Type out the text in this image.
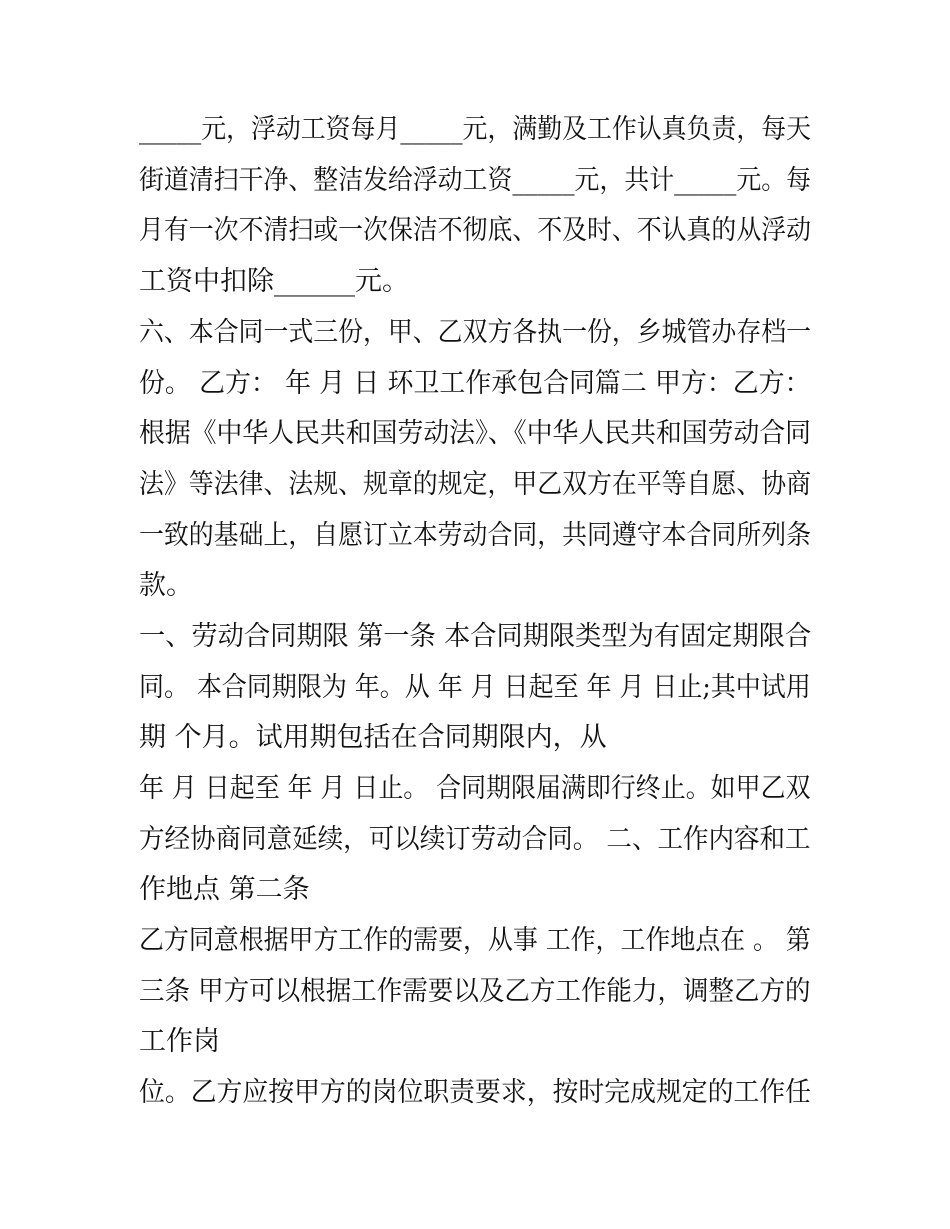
_____元，浮动工资每月_____元，满勤及工作认真负责，每天
街道清扫干净、整洁发给浮动工资_____元，共计_____元。每
月有一次不清扫或一次保洁不彻底、不及时、不认真的从浮动
工资中扣除______元。
六、本合同一式三份，甲、乙双方各执一份，乡城管办存档一
份。 乙方： 年 月 日 环卫工作承包合同篇二 甲方：乙方：
根据《中华人民共和国劳动法》、《中华人民共和国劳动合同
法》等法律、法规、规章的规定，甲乙双方在平等自愿、协商
一致的基础上，自愿订立本劳动合同，共同遵守本合同所列条
款。
一、劳动合同期限 第一条 本合同期限类型为有固定期限合
同。 本合同期限为 年。从 年 月 日起至 年 月 日止;其中试用
期 个月。试用期包括在合同期限内，从
年 月 日起至 年 月 日止。 合同期限届满即行终止。如甲乙双
方经协商同意延续，可以续订劳动合同。 二、工作内容和工
作地点 第二条
乙方同意根据甲方工作的需要，从事 工作，工作地点在 。 第
三条 甲方可以根据工作需要以及乙方工作能力，调整乙方的
工作岗
位。乙方应按甲方的岗位职责要求，按时完成规定的工作任
